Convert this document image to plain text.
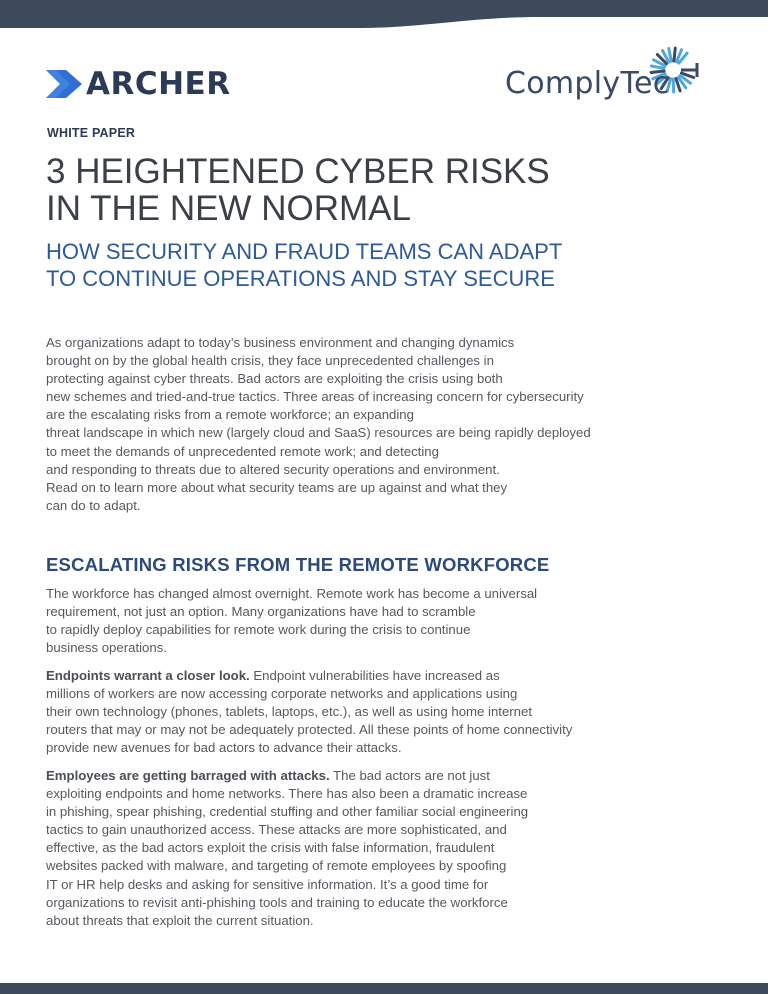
ARCHER	ComplyTec
WHITE PAPER
3 HEIGHTENED CYBER RISKS
IN THE NEW NORMAL
HOW SECURITY AND FRAUD TEAMS CAN ADAPT
TO CONTINUE OPERATIONS AND STAY SECURE

As organizations adapt to today’s business environment and changing dynamics
brought on by the global health crisis, they face unprecedented challenges in
protecting against cyber threats. Bad actors are exploiting the crisis using both
new schemes and tried-and-true tactics. Three areas of increasing concern for cybersecurity
are the escalating risks from a remote workforce; an expanding
threat landscape in which new (largely cloud and SaaS) resources are being rapidly deployed
to meet the demands of unprecedented remote work; and detecting
and responding to threats due to altered security operations and environment.
Read on to learn more about what security teams are up against and what they
can do to adapt.

ESCALATING RISKS FROM THE REMOTE WORKFORCE

The workforce has changed almost overnight. Remote work has become a universal
requirement, not just an option. Many organizations have had to scramble
to rapidly deploy capabilities for remote work during the crisis to continue
business operations.

Endpoints warrant a closer look. Endpoint vulnerabilities have increased as
millions of workers are now accessing corporate networks and applications using
their own technology (phones, tablets, laptops, etc.), as well as using home internet
routers that may or may not be adequately protected. All these points of home connectivity
provide new avenues for bad actors to advance their attacks.

Employees are getting barraged with attacks. The bad actors are not just
exploiting endpoints and home networks. There has also been a dramatic increase
in phishing, spear phishing, credential stuffing and other familiar social engineering
tactics to gain unauthorized access. These attacks are more sophisticated, and
effective, as the bad actors exploit the crisis with false information, fraudulent
websites packed with malware, and targeting of remote employees by spoofing
IT or HR help desks and asking for sensitive information. It’s a good time for
organizations to revisit anti-phishing tools and training to educate the workforce
about threats that exploit the current situation.
